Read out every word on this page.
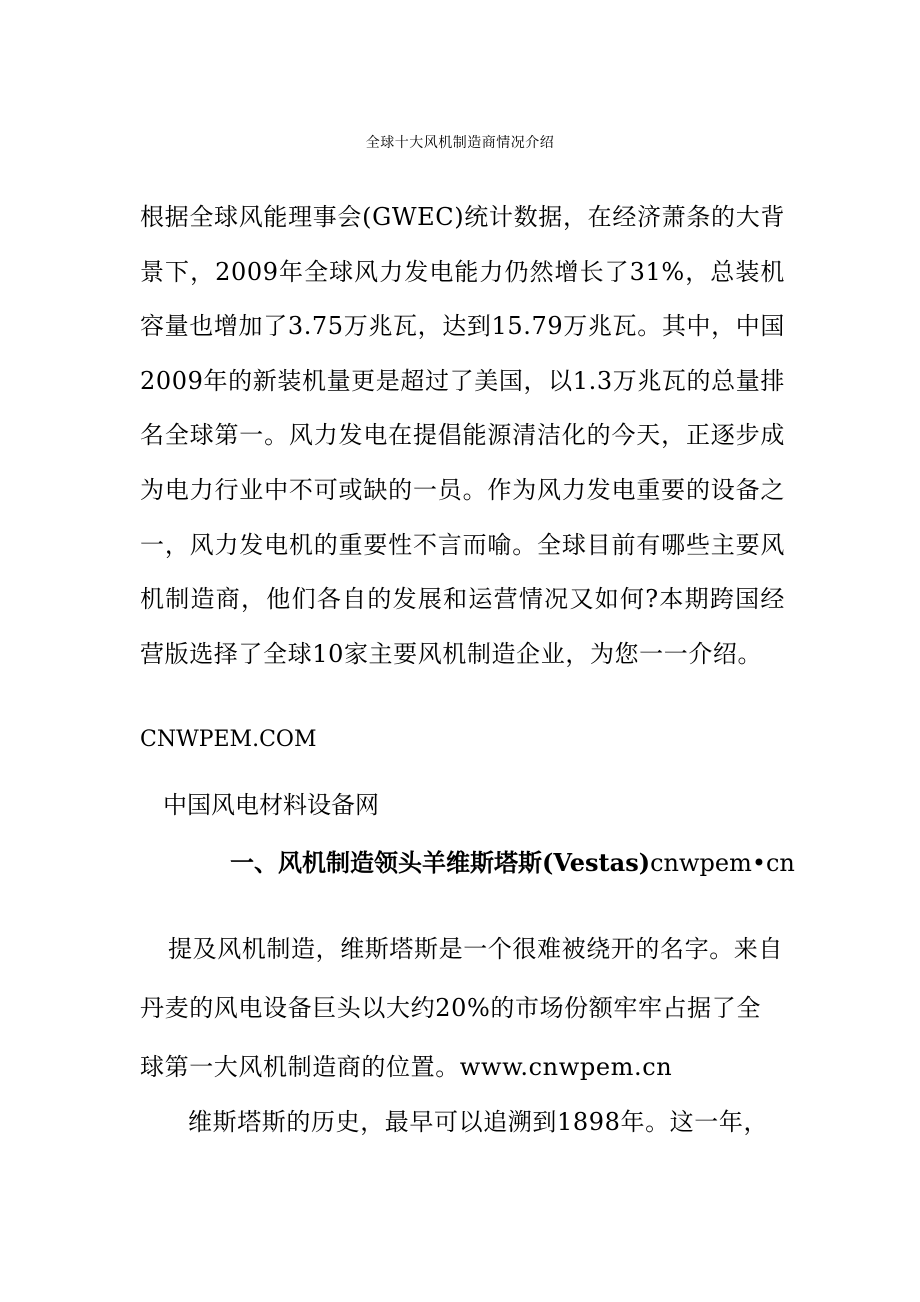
全球十大风机制造商情况介绍

根据全球风能理事会(GWEC)统计数据，在经济萧条的大背景下，2009年全球风力发电能力仍然增长了31%，总装机容量也增加了3.75万兆瓦，达到15.79万兆瓦。其中，中国2009年的新装机量更是超过了美国，以1.3万兆瓦的总量排名全球第一。风力发电在提倡能源清洁化的今天，正逐步成为电力行业中不可或缺的一员。作为风力发电重要的设备之一，风力发电机的重要性不言而喻。全球目前有哪些主要风机制造商，他们各自的发展和运营情况又如何?本期跨国经营版选择了全球10家主要风机制造企业，为您一一介绍。

CNWPEM.COM

中国风电材料设备网

一、风机制造领头羊维斯塔斯(Vestas)cnwpem•cn

提及风机制造，维斯塔斯是一个很难被绕开的名字。来自丹麦的风电设备巨头以大约20%的市场份额牢牢占据了全球第一大风机制造商的位置。www.cnwpem.cn

维斯塔斯的历史，最早可以追溯到1898年。这一年，
